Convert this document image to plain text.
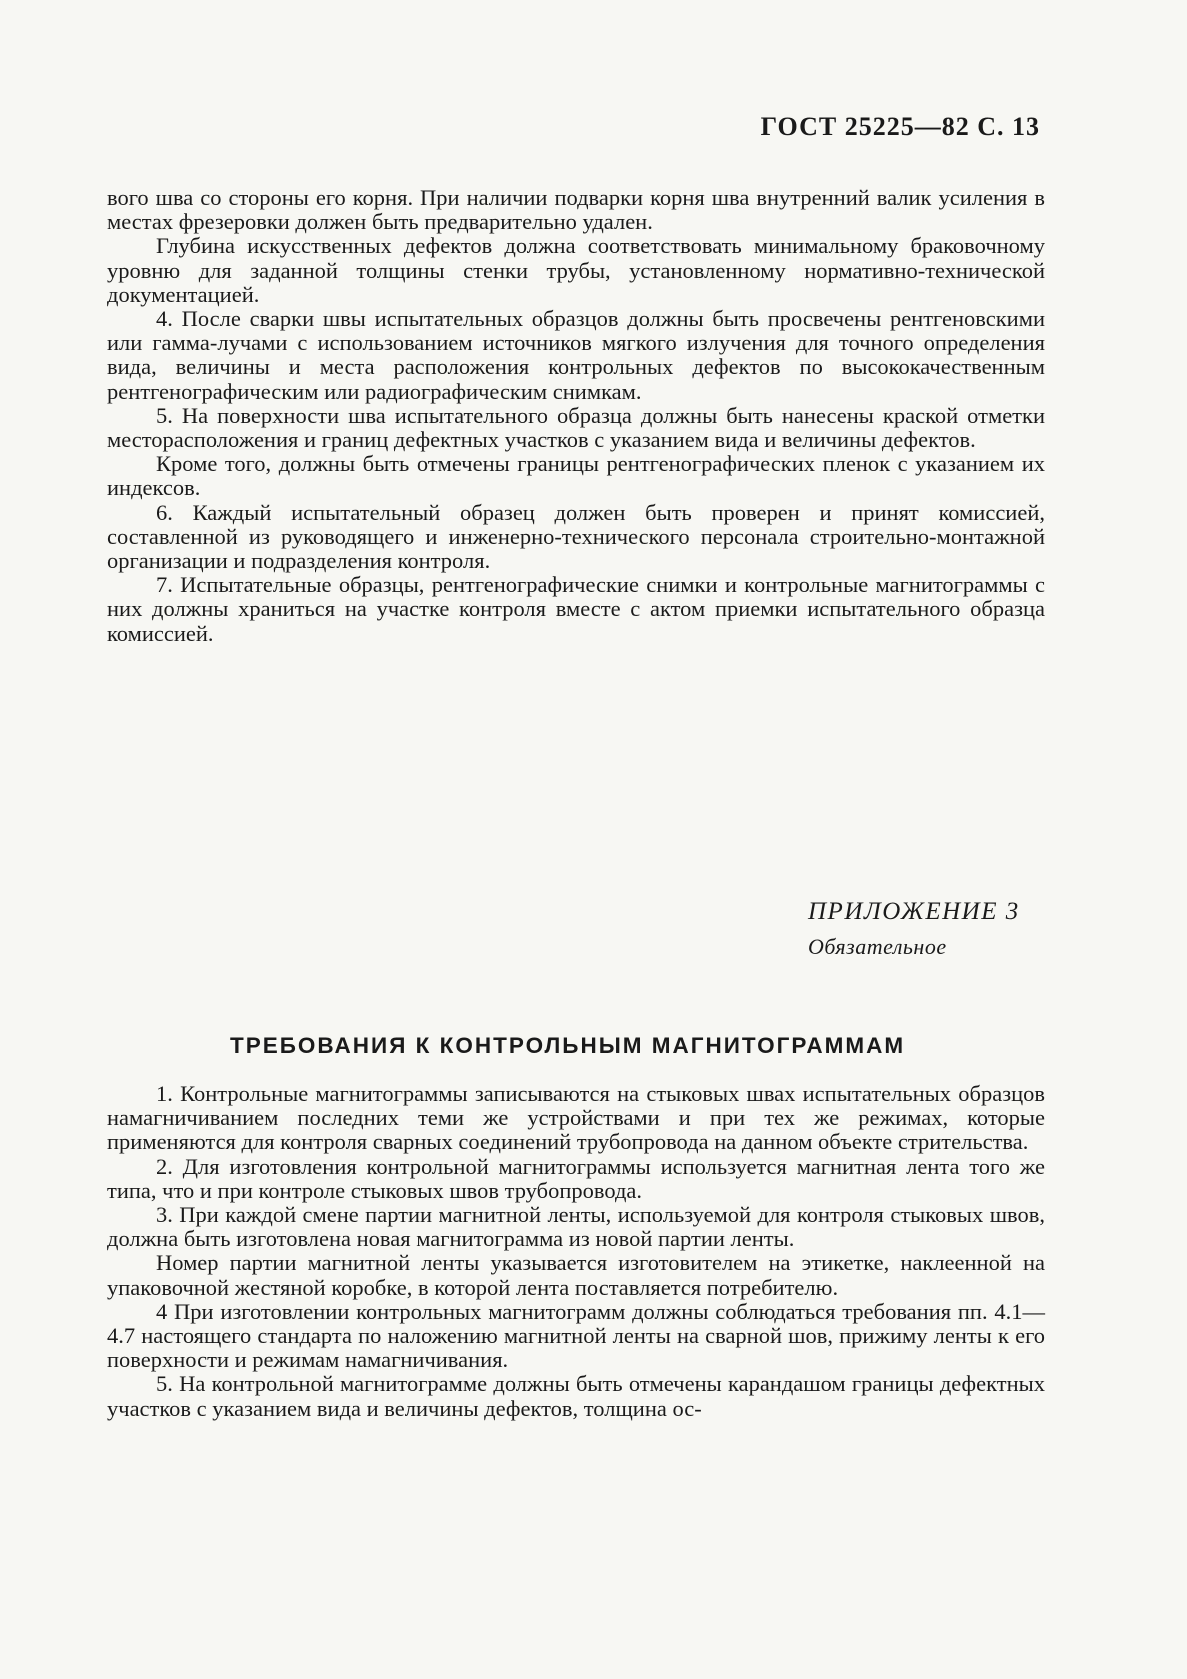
ГОСТ 25225—82 С. 13

вого шва со стороны его корня. При наличии подварки корня шва внутренний валик усиления в местах фрезеровки должен быть предварительно удален.

Глубина искусственных дефектов должна соответствовать минимальному браковочному уровню для заданной толщины стенки трубы, установленному нормативно-технической документацией.

4. После сварки швы испытательных образцов должны быть просвечены рентгеновскими или гамма-лучами с использованием источников мягкого излучения для точного определения вида, величины и места расположения контрольных дефектов по высококачественным рентгенографическим или радиографическим снимкам.

5. На поверхности шва испытательного образца должны быть нанесены краской отметки месторасположения и границ дефектных участков с указанием вида и величины дефектов.

Кроме того, должны быть отмечены границы рентгенографических пленок с указанием их индексов.

6. Каждый испытательный образец должен быть проверен и принят комиссией, составленной из руководящего и инженерно-технического персонала строительно-монтажной организации и подразделения контроля.

7. Испытательные образцы, рентгенографические снимки и контрольные магнитограммы с них должны храниться на участке контроля вместе с актом приемки испытательного образца комиссией.

ПРИЛОЖЕНИЕ 3
Обязательное
ТРЕБОВАНИЯ К КОНТРОЛЬНЫМ МАГНИТОГРАММАМ

1. Контрольные магнитограммы записываются на стыковых швах испытательных образцов намагничиванием последних теми же устройствами и при тех же режимах, которые применяются для контроля сварных соединений трубопровода на данном объекте стрительства.

2. Для изготовления контрольной магнитограммы используется магнитная лента того же типа, что и при контроле стыковых швов трубопровода.

3. При каждой смене партии магнитной ленты, используемой для контроля стыковых швов, должна быть изготовлена новая магнитограмма из новой партии ленты.

Номер партии магнитной ленты указывается изготовителем на этикетке, наклеенной на упаковочной жестяной коробке, в которой лента поставляется потребителю.

4 При изготовлении контрольных магнитограмм должны соблюдаться требования пп. 4.1—4.7 настоящего стандарта по наложению магнитной ленты на сварной шов, прижиму ленты к его поверхности и режимам намагничивания.

5. На контрольной магнитограмме должны быть отмечены карандашом границы дефектных участков с указанием вида и величины дефектов, толщина ос-
